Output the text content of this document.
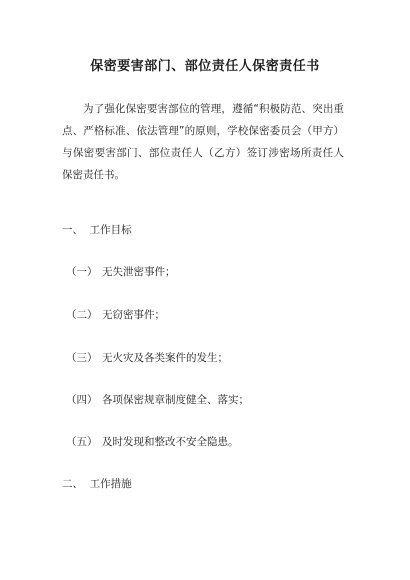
保密要害部门、部位责任人保密责任书

为了强化保密要害部位的管理，遵循“积极防范、突出重点、严格标准、依法管理”的原则，学校保密委员会（甲方）与保密要害部门、部位责任人（乙方）签订涉密场所责任人保密责任书。

一、  工作目标

（一） 无失泄密事件；

（二） 无窃密事件；

（三） 无火灾及各类案件的发生；

（四） 各项保密规章制度健全、落实；

（五） 及时发现和整改不安全隐患。

二、  工作措施
